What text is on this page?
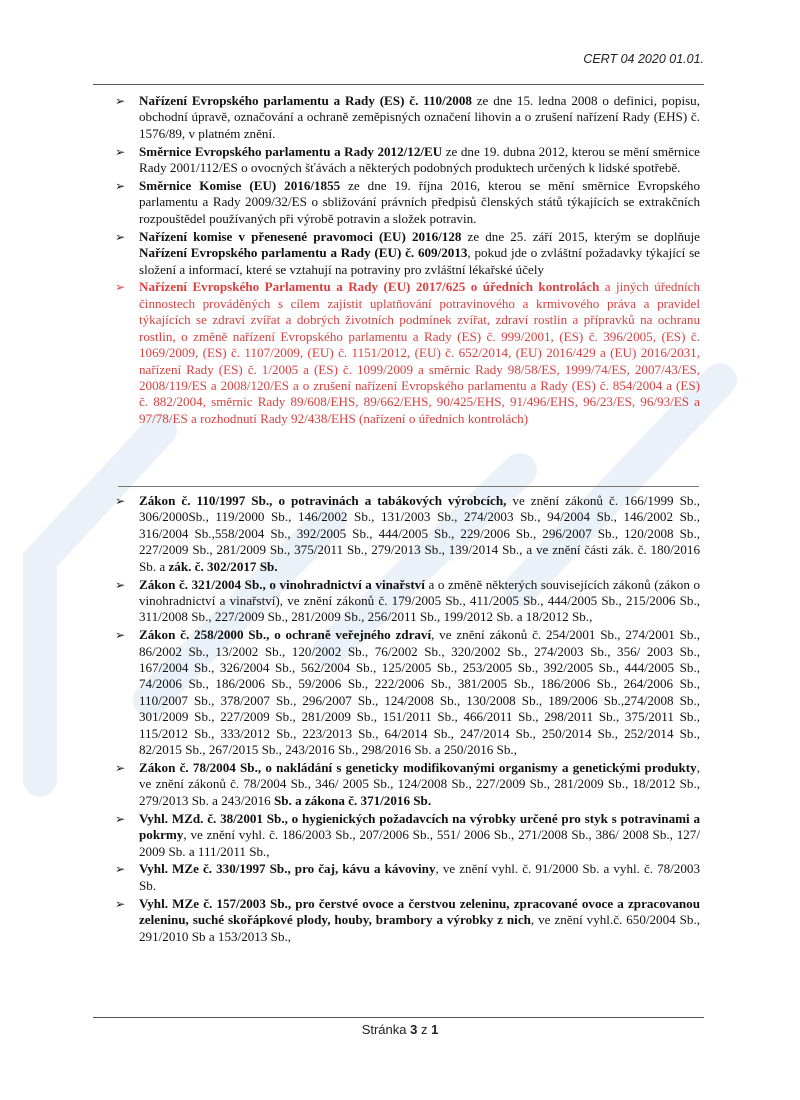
CERT 04 2020 01.01.
➢ Nařízení Evropského parlamentu a Rady (ES) č. 110/2008 ze dne 15. ledna 2008 o definici, popisu, obchodní úpravě, označování a ochraně zeměpisných označení lihovin a o zrušení nařízení Rady (EHS) č. 1576/89, v platném znění.
➢ Směrnice Evropského parlamentu a Rady 2012/12/EU ze dne 19. dubna 2012, kterou se mění směrnice Rady 2001/112/ES o ovocných šťávách a některých podobných produktech určených k lidské spotřebě.
➢ Směrnice Komise (EU) 2016/1855 ze dne 19. října 2016, kterou se mění směrnice Evropského parlamentu a Rady 2009/32/ES o sbližování právních předpisů členských států týkajících se extrakčních rozpouštědel používaných při výrobě potravin a složek potravin.
➢ Nařízení komise v přenesené pravomoci (EU) 2016/128 ze dne 25. září 2015, kterým se doplňuje Nařízení Evropského parlamentu a Rady (EU) č. 609/2013, pokud jde o zvláštní požadavky týkající se složení a informací, které se vztahují na potraviny pro zvláštní lékařské účely
➢ Nařízení Evropského Parlamentu a Rady (EU) 2017/625 o úředních kontrolách a jiných úředních činnostech prováděných s cílem zajistit uplatňování potravinového a krmivového práva a pravidel týkajících se zdraví zvířat a dobrých životních podmínek zvířat, zdraví rostlin a přípravků na ochranu rostlin, o změně nařízení Evropského parlamentu a Rady (ES) č. 999/2001, (ES) č. 396/2005, (ES) č. 1069/2009, (ES) č. 1107/2009, (EU) č. 1151/2012, (EU) č. 652/2014, (EU) 2016/429 a (EU) 2016/2031, nařízení Rady (ES) č. 1/2005 a (ES) č. 1099/2009 a směrnic Rady 98/58/ES, 1999/74/ES, 2007/43/ES, 2008/119/ES a 2008/120/ES a o zrušení nařízení Evropského parlamentu a Rady (ES) č. 854/2004 a (ES) č. 882/2004, směrnic Rady 89/608/EHS, 89/662/EHS, 90/425/EHS, 91/496/EHS, 96/23/ES, 96/93/ES a 97/78/ES a rozhodnutí Rady 92/438/EHS (nařízení o úředních kontrolách)
➢ Zákon č. 110/1997 Sb., o potravinách a tabákových výrobcích, ve znění zákonů č. 166/1999 Sb., 306/2000Sb., 119/2000 Sb., 146/2002 Sb., 131/2003 Sb., 274/2003 Sb., 94/2004 Sb., 146/2002 Sb., 316/2004 Sb.,558/2004 Sb., 392/2005 Sb., 444/2005 Sb., 229/2006 Sb., 296/2007 Sb., 120/2008 Sb., 227/2009 Sb., 281/2009 Sb., 375/2011 Sb., 279/2013 Sb., 139/2014 Sb., a ve znění části zák. č. 180/2016 Sb. a zák. č. 302/2017 Sb.
➢ Zákon č. 321/2004 Sb., o vinohradnictví a vinařství a o změně některých souvisejících zákonů (zákon o vinohradnictví a vinařství), ve znění zákonů č. 179/2005 Sb., 411/2005 Sb., 444/2005 Sb., 215/2006 Sb., 311/2008 Sb., 227/2009 Sb., 281/2009 Sb., 256/2011 Sb., 199/2012 Sb. a 18/2012 Sb.,
➢ Zákon č. 258/2000 Sb., o ochraně veřejného zdraví, ve znění zákonů č. 254/2001 Sb., 274/2001 Sb., 86/2002 Sb., 13/2002 Sb., 120/2002 Sb., 76/2002 Sb., 320/2002 Sb., 274/2003 Sb., 356/ 2003 Sb., 167/2004 Sb., 326/2004 Sb., 562/2004 Sb., 125/2005 Sb., 253/2005 Sb., 392/2005 Sb., 444/2005 Sb., 74/2006 Sb., 186/2006 Sb., 59/2006 Sb., 222/2006 Sb., 381/2005 Sb., 186/2006 Sb., 264/2006 Sb., 110/2007 Sb., 378/2007 Sb., 296/2007 Sb., 124/2008 Sb., 130/2008 Sb., 189/2006 Sb.,274/2008 Sb., 301/2009 Sb., 227/2009 Sb., 281/2009 Sb., 151/2011 Sb., 466/2011 Sb., 298/2011 Sb., 375/2011 Sb., 115/2012 Sb., 333/2012 Sb., 223/2013 Sb., 64/2014 Sb., 247/2014 Sb., 250/2014 Sb., 252/2014 Sb., 82/2015 Sb., 267/2015 Sb., 243/2016 Sb., 298/2016 Sb. a 250/2016 Sb.,
➢ Zákon č. 78/2004 Sb., o nakládání s geneticky modifikovanými organismy a genetickými produkty, ve znění zákonů č. 78/2004 Sb., 346/ 2005 Sb., 124/2008 Sb., 227/2009 Sb., 281/2009 Sb., 18/2012 Sb., 279/2013 Sb. a 243/2016 Sb. a zákona č. 371/2016 Sb.
➢ Vyhl. MZd. č. 38/2001 Sb., o hygienických požadavcích na výrobky určené pro styk s potravinami a pokrmy, ve znění vyhl. č. 186/2003 Sb., 207/2006 Sb., 551/ 2006 Sb., 271/2008 Sb., 386/ 2008 Sb., 127/ 2009 Sb. a 111/2011 Sb.,
➢ Vyhl. MZe č. 330/1997 Sb., pro čaj, kávu a kávoviny, ve znění vyhl. č. 91/2000 Sb. a vyhl. č. 78/2003 Sb.
➢ Vyhl. MZe č. 157/2003 Sb., pro čerstvé ovoce a čerstvou zeleninu, zpracované ovoce a zpracovanou zeleninu, suché skořápkové plody, houby, brambory a výrobky z nich, ve znění vyhl.č. 650/2004 Sb., 291/2010 Sb a 153/2013 Sb.,
Stránka 3 z 1
